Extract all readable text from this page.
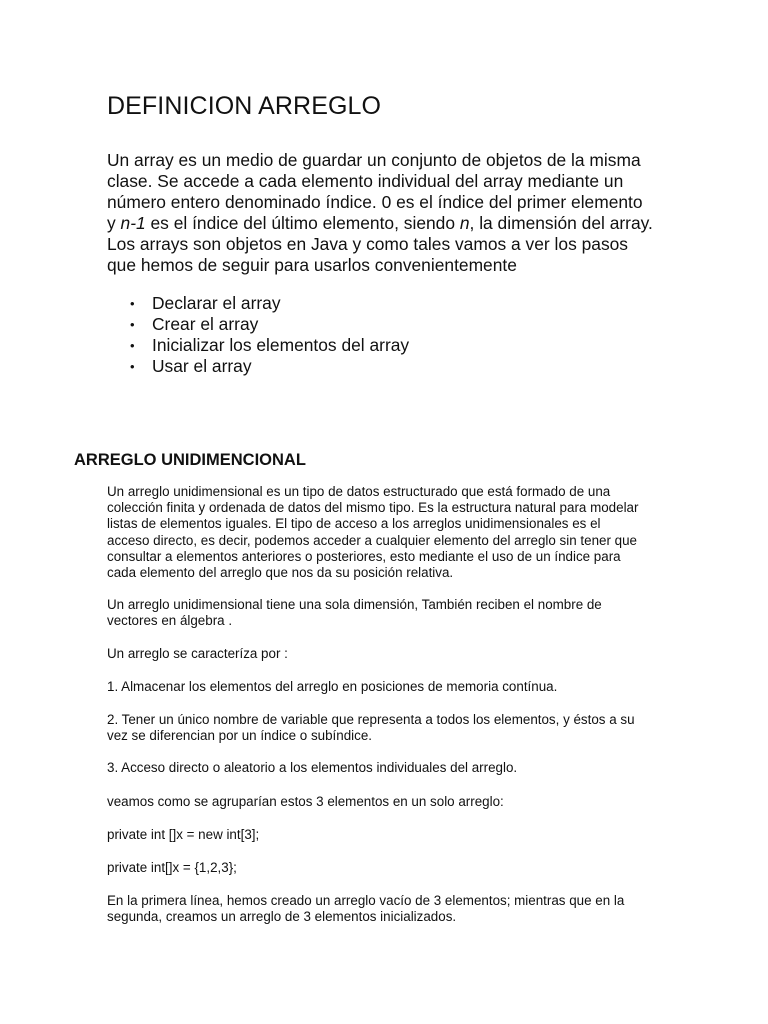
DEFINICION ARREGLO

Un array es un medio de guardar un conjunto de objetos de la misma
clase. Se accede a cada elemento individual del array mediante un
número entero denominado índice. 0 es el índice del primer elemento
y n-1 es el índice del último elemento, siendo n, la dimensión del array.
Los arrays son objetos en Java y como tales vamos a ver los pasos
que hemos de seguir para usarlos convenientemente

• Declarar el array
• Crear el array
• Inicializar los elementos del array
• Usar el array
ARREGLO UNIDIMENCIONAL

Un arreglo unidimensional es un tipo de datos estructurado que está formado de una
colección finita y ordenada de datos del mismo tipo. Es la estructura natural para modelar
listas de elementos iguales. El tipo de acceso a los arreglos unidimensionales es el
acceso directo, es decir, podemos acceder a cualquier elemento del arreglo sin tener que
consultar a elementos anteriores o posteriores, esto mediante el uso de un índice para
cada elemento del arreglo que nos da su posición relativa.

Un arreglo unidimensional tiene una sola dimensión, También reciben el nombre de
vectores en álgebra .

Un arreglo se caracteríza por :

1. Almacenar los elementos del arreglo en posiciones de memoria contínua.

2. Tener un único nombre de variable que representa a todos los elementos, y éstos a su
vez se diferencian por un índice o subíndice.

3. Acceso directo o aleatorio a los elementos individuales del arreglo.

veamos como se agruparían estos 3 elementos en un solo arreglo:

private int []x = new int[3];

private int[]x = {1,2,3};

En la primera línea, hemos creado un arreglo vacío de 3 elementos; mientras que en la
segunda, creamos un arreglo de 3 elementos inicializados.
